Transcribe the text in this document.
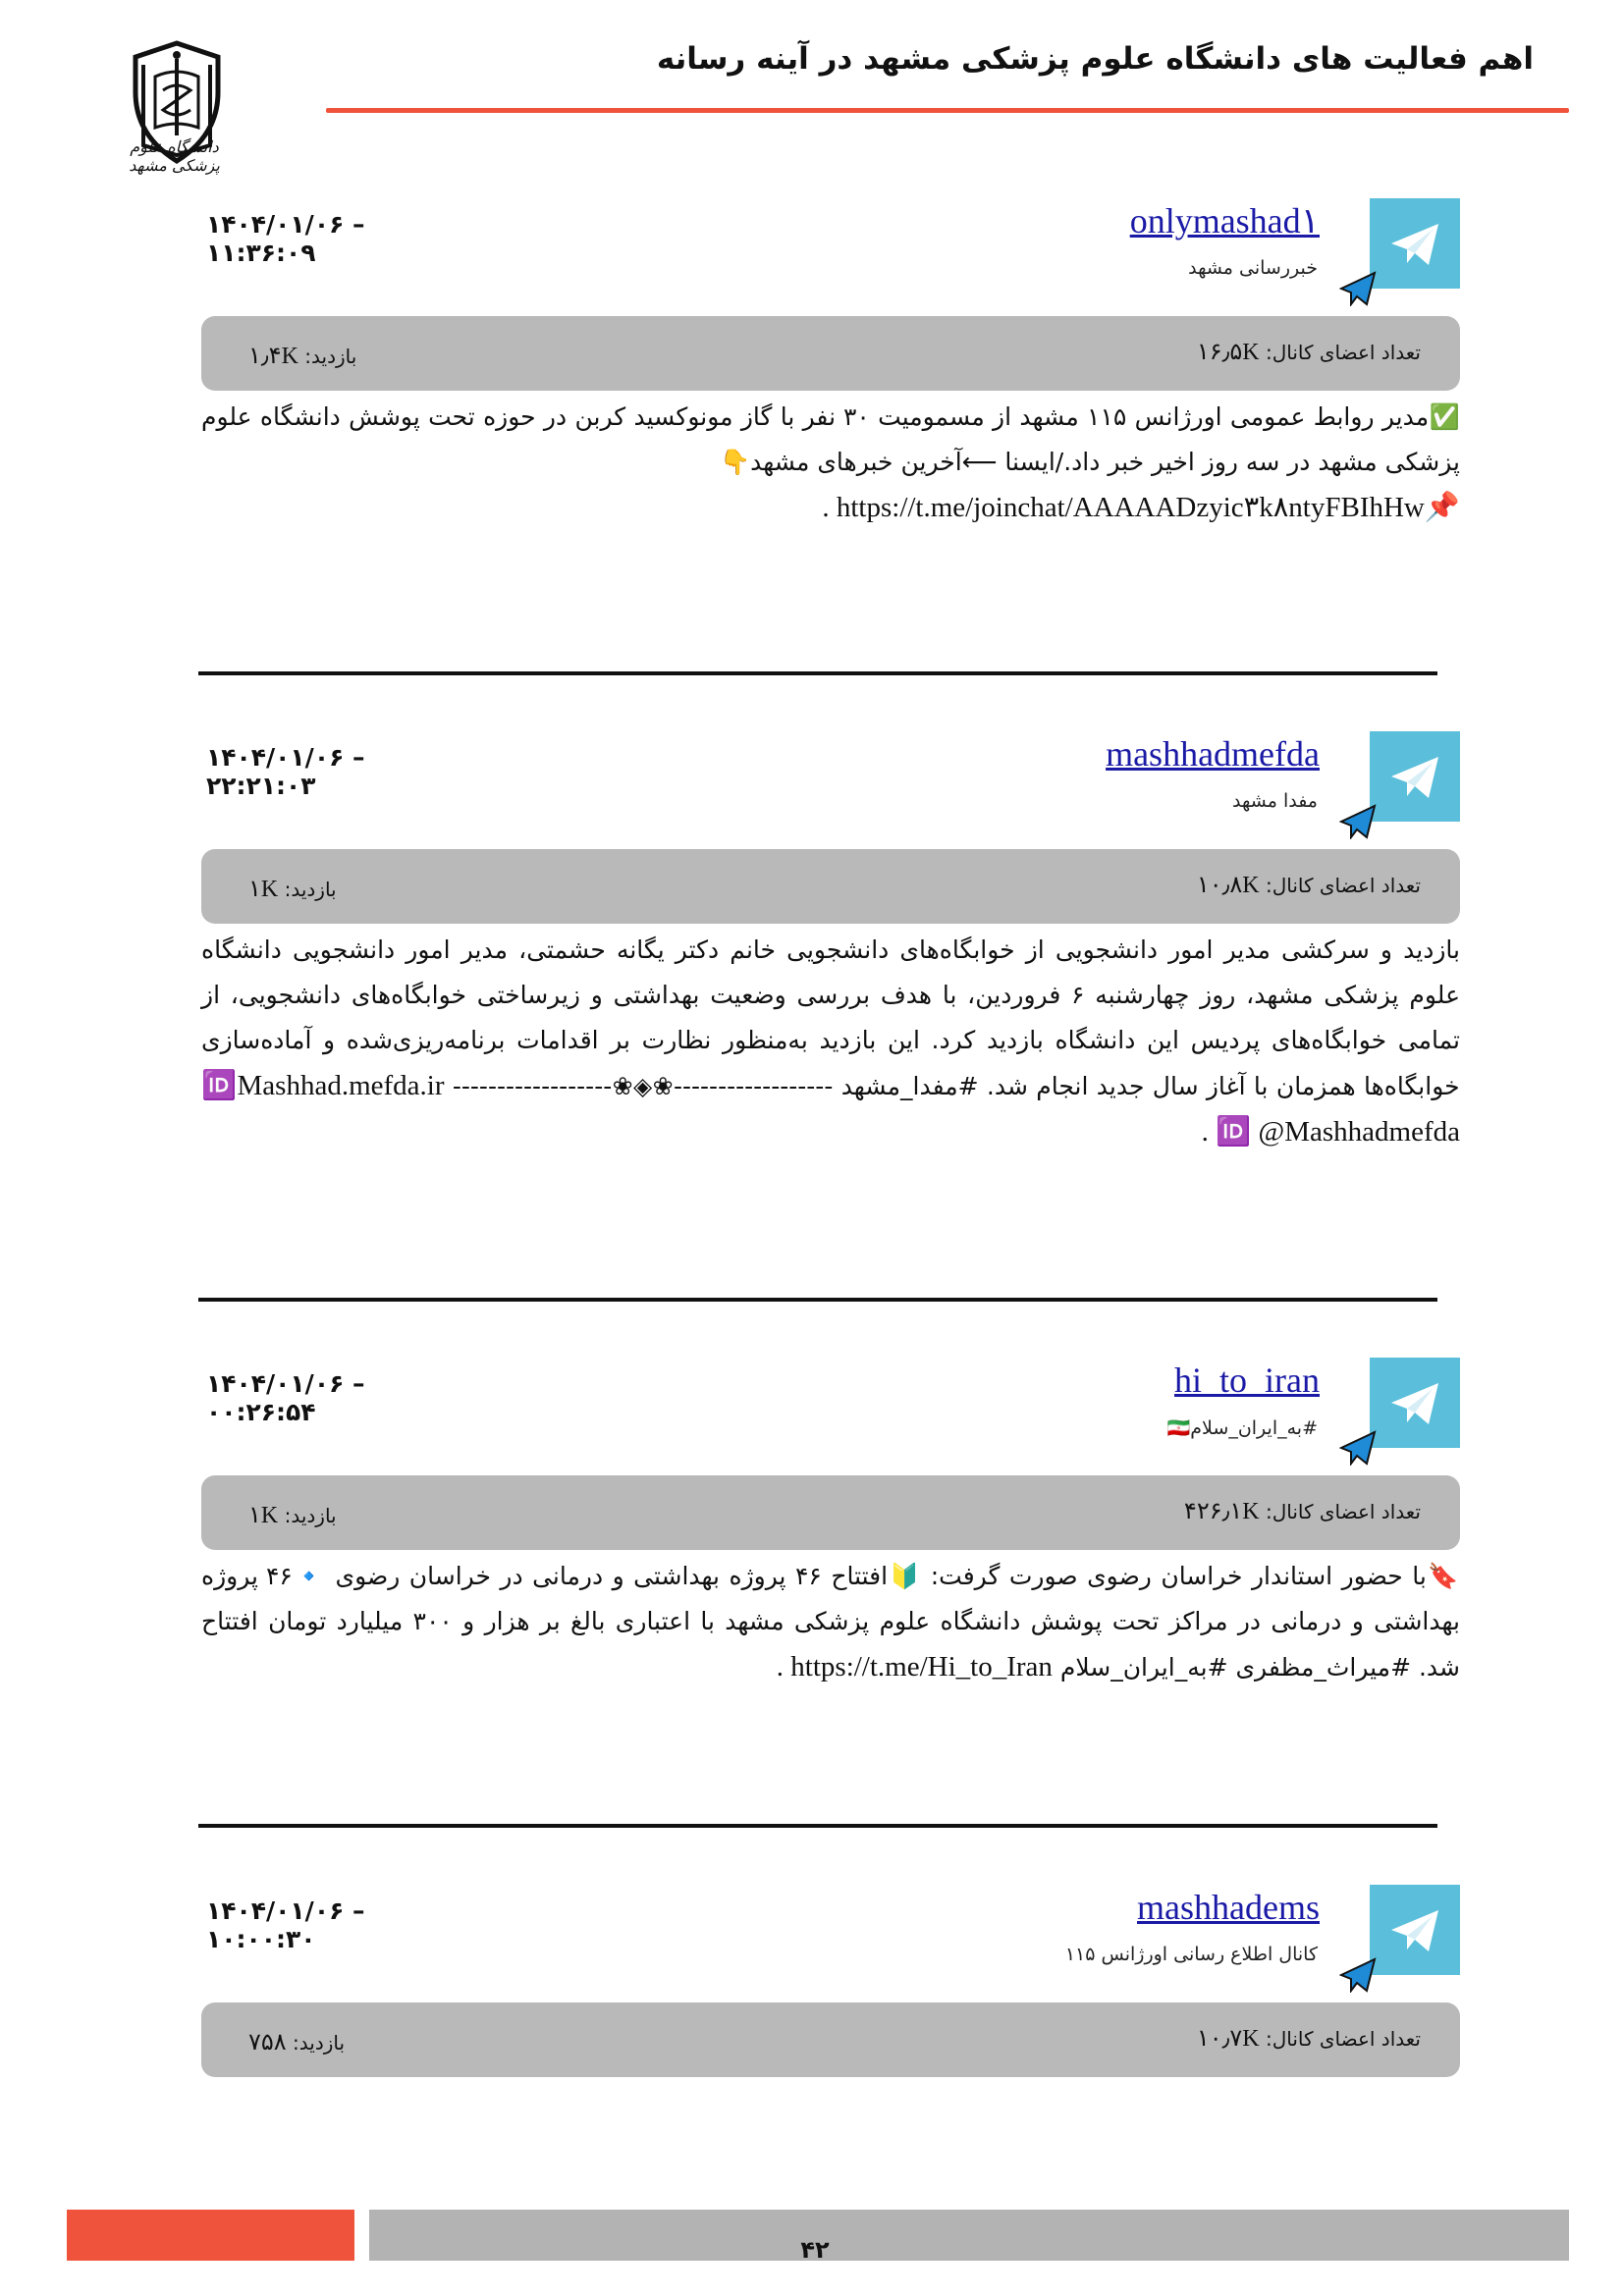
دانشگاه علوم پزشکی مشهد
اهم فعالیت های دانشگاه علوم پزشکی مشهد در آینه رسانه
onlymashad۱
خبررسانی مشهد
۱۴۰۴/۰۱/۰۶ – ۱۱:۳۶:۰۹
تعداد اعضای کانال: ۱۶٫۵K
بازدید: ۱٫۴K
✅مدیر روابط عمومی اورژانس ۱۱۵ مشهد از مسمومیت ۳۰ نفر با گاز مونوکسید کربن در حوزه تحت پوشش دانشگاه علوم پزشکی مشهد در سه روز اخیر خبر داد./ایسنا ⟵آخرین خبرهای مشهد👇
📌https://t.me/joinchat/AAAAADzyic۳k۸ntyFBIhHw .
mashhadmefda
مفدا مشهد
۱۴۰۴/۰۱/۰۶ – ۲۲:۲۱:۰۳
تعداد اعضای کانال: ۱۰٫۸K
بازدید: ۱K
بازدید و سرکشی مدیر امور دانشجویی از خوابگاه‌های دانشجویی خانم دکتر یگانه حشمتی، مدیر امور دانشجویی دانشگاه علوم پزشکی مشهد، روز چهارشنبه ۶ فروردین، با هدف بررسی وضعیت بهداشتی و زیرساختی خوابگاه‌های دانشجویی، از تمامی خوابگاه‌های پردیس این دانشگاه بازدید کرد. این بازدید به‌منظور نظارت بر اقدامات برنامه‌ریزی‌شده و آماده‌سازی خوابگاه‌ها همزمان با آغاز سال جدید انجام شد. #مفدا_مشهد ------------------❀◈❀------------------ 🆔Mashhad.mefda.ir 🆔 @Mashhadmefda .
hi_to_iran
#به_ایران_سلام🇮🇷
۱۴۰۴/۰۱/۰۶ – ۰۰:۲۶:۵۴
تعداد اعضای کانال: ۴۲۶٫۱K
بازدید: ۱K
🔖با حضور استاندار خراسان رضوی صورت گرفت: 🔰افتتاح ۴۶ پروژه بهداشتی و درمانی در خراسان رضوی 🔹۴۶ پروژه بهداشتی و درمانی در مراکز تحت پوشش دانشگاه علوم پزشکی مشهد با اعتباری بالغ بر هزار و ۳۰۰ میلیارد تومان افتتاح شد. #میراث_مظفری #به_ایران_سلام https://t.me/Hi_to_Iran .
mashhadems
کانال اطلاع رسانی اورژانس ۱۱۵
۱۴۰۴/۰۱/۰۶ – ۱۰:۰۰:۳۰
تعداد اعضای کانال: ۱۰٫۷K
بازدید: ۷۵۸
۴۲
